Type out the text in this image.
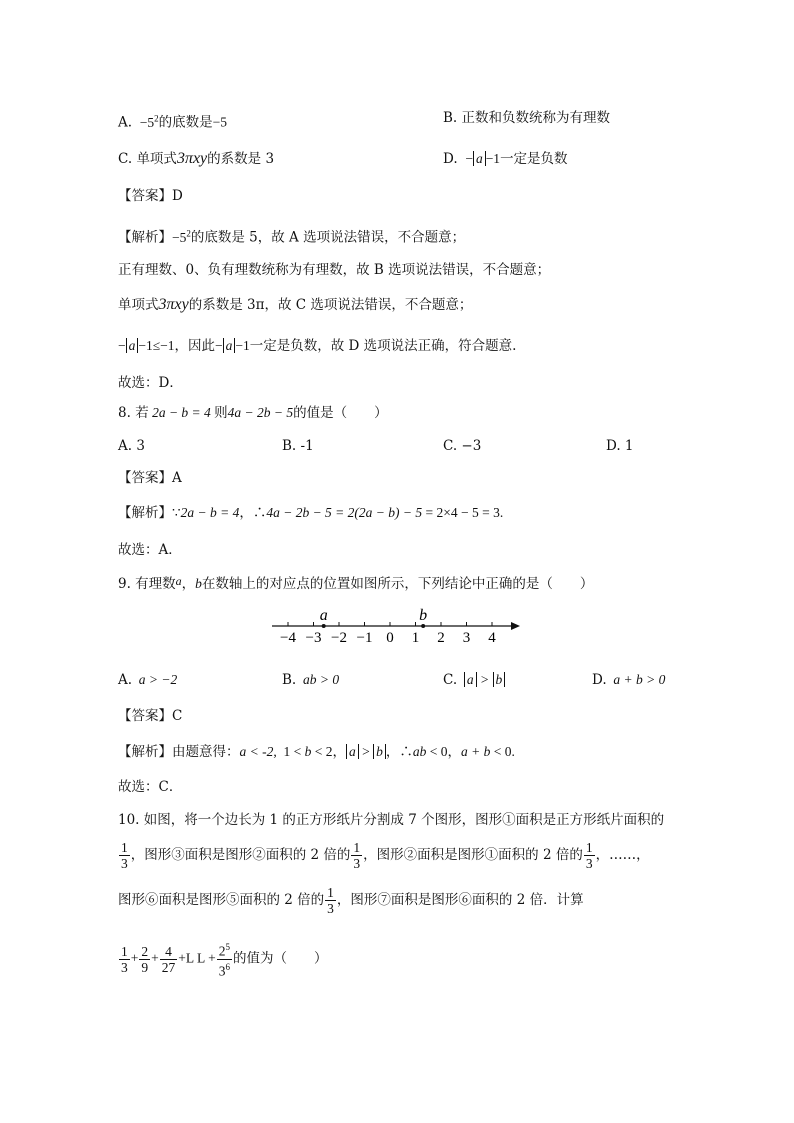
A.  $-5^2$的底数是−5	B. 正数和负数统称为有理数
C. 单项式3πxy的系数是 3	D.  − a −1一定是负数
【答案】D
【解析】$-5^2$的底数是 5，故 A 选项说法错误，不合题意；
正有理数、0、负有理数统称为有理数，故 B 选项说法错误，不合题意；
单项式3πxy的系数是 3π，故 C 选项说法错误，不合题意；
− a −1≤−1，因此− a −1一定是负数，故 D 选项说法正确，符合题意.
故选：D．
8. 若 2a − b = 4 则4a − 2b − 5的值是（　　）
A. 3	B. -1	C. −3	D. 1
【答案】A
【解析】∵2a − b = 4，∴4a − 2b − 5 = 2(2a − b) − 5 = 2×4 − 5 = 3.
故选：A．
9. 有理数a，b在数轴上的对应点的位置如图所示，下列结论中正确的是（　　）
−4 −3 −2 −1 0 1 2 3 4
a	b
A.  a > −2	B.  ab > 0	C. a > b	D.  a + b > 0
【答案】C
【解析】由题意得：a < -2,  1 < b < 2， a > b ，∴ab < 0，a + b < 0.
故选：C．
10. 如图，将一个边长为 1 的正方形纸片分割成 7 个图形，图形①面积是正方形纸片面积的
$\frac{1}{3}$ ，图形③面积是图形②面积的 2 倍的 $\frac{1}{3}$ ，图形②面积是图形①面积的 2 倍的 $\frac{1}{3}$ ，……，
图形⑥面积是图形⑤面积的 2 倍的 $\frac{1}{3}$ ，图形⑦面积是图形⑥面积的 2 倍．计算
$\frac{1}{3} + \frac{2}{9} + \frac{4}{27} +L$ $L + \frac{2^5}{3^6}$ 的值为（　　）
